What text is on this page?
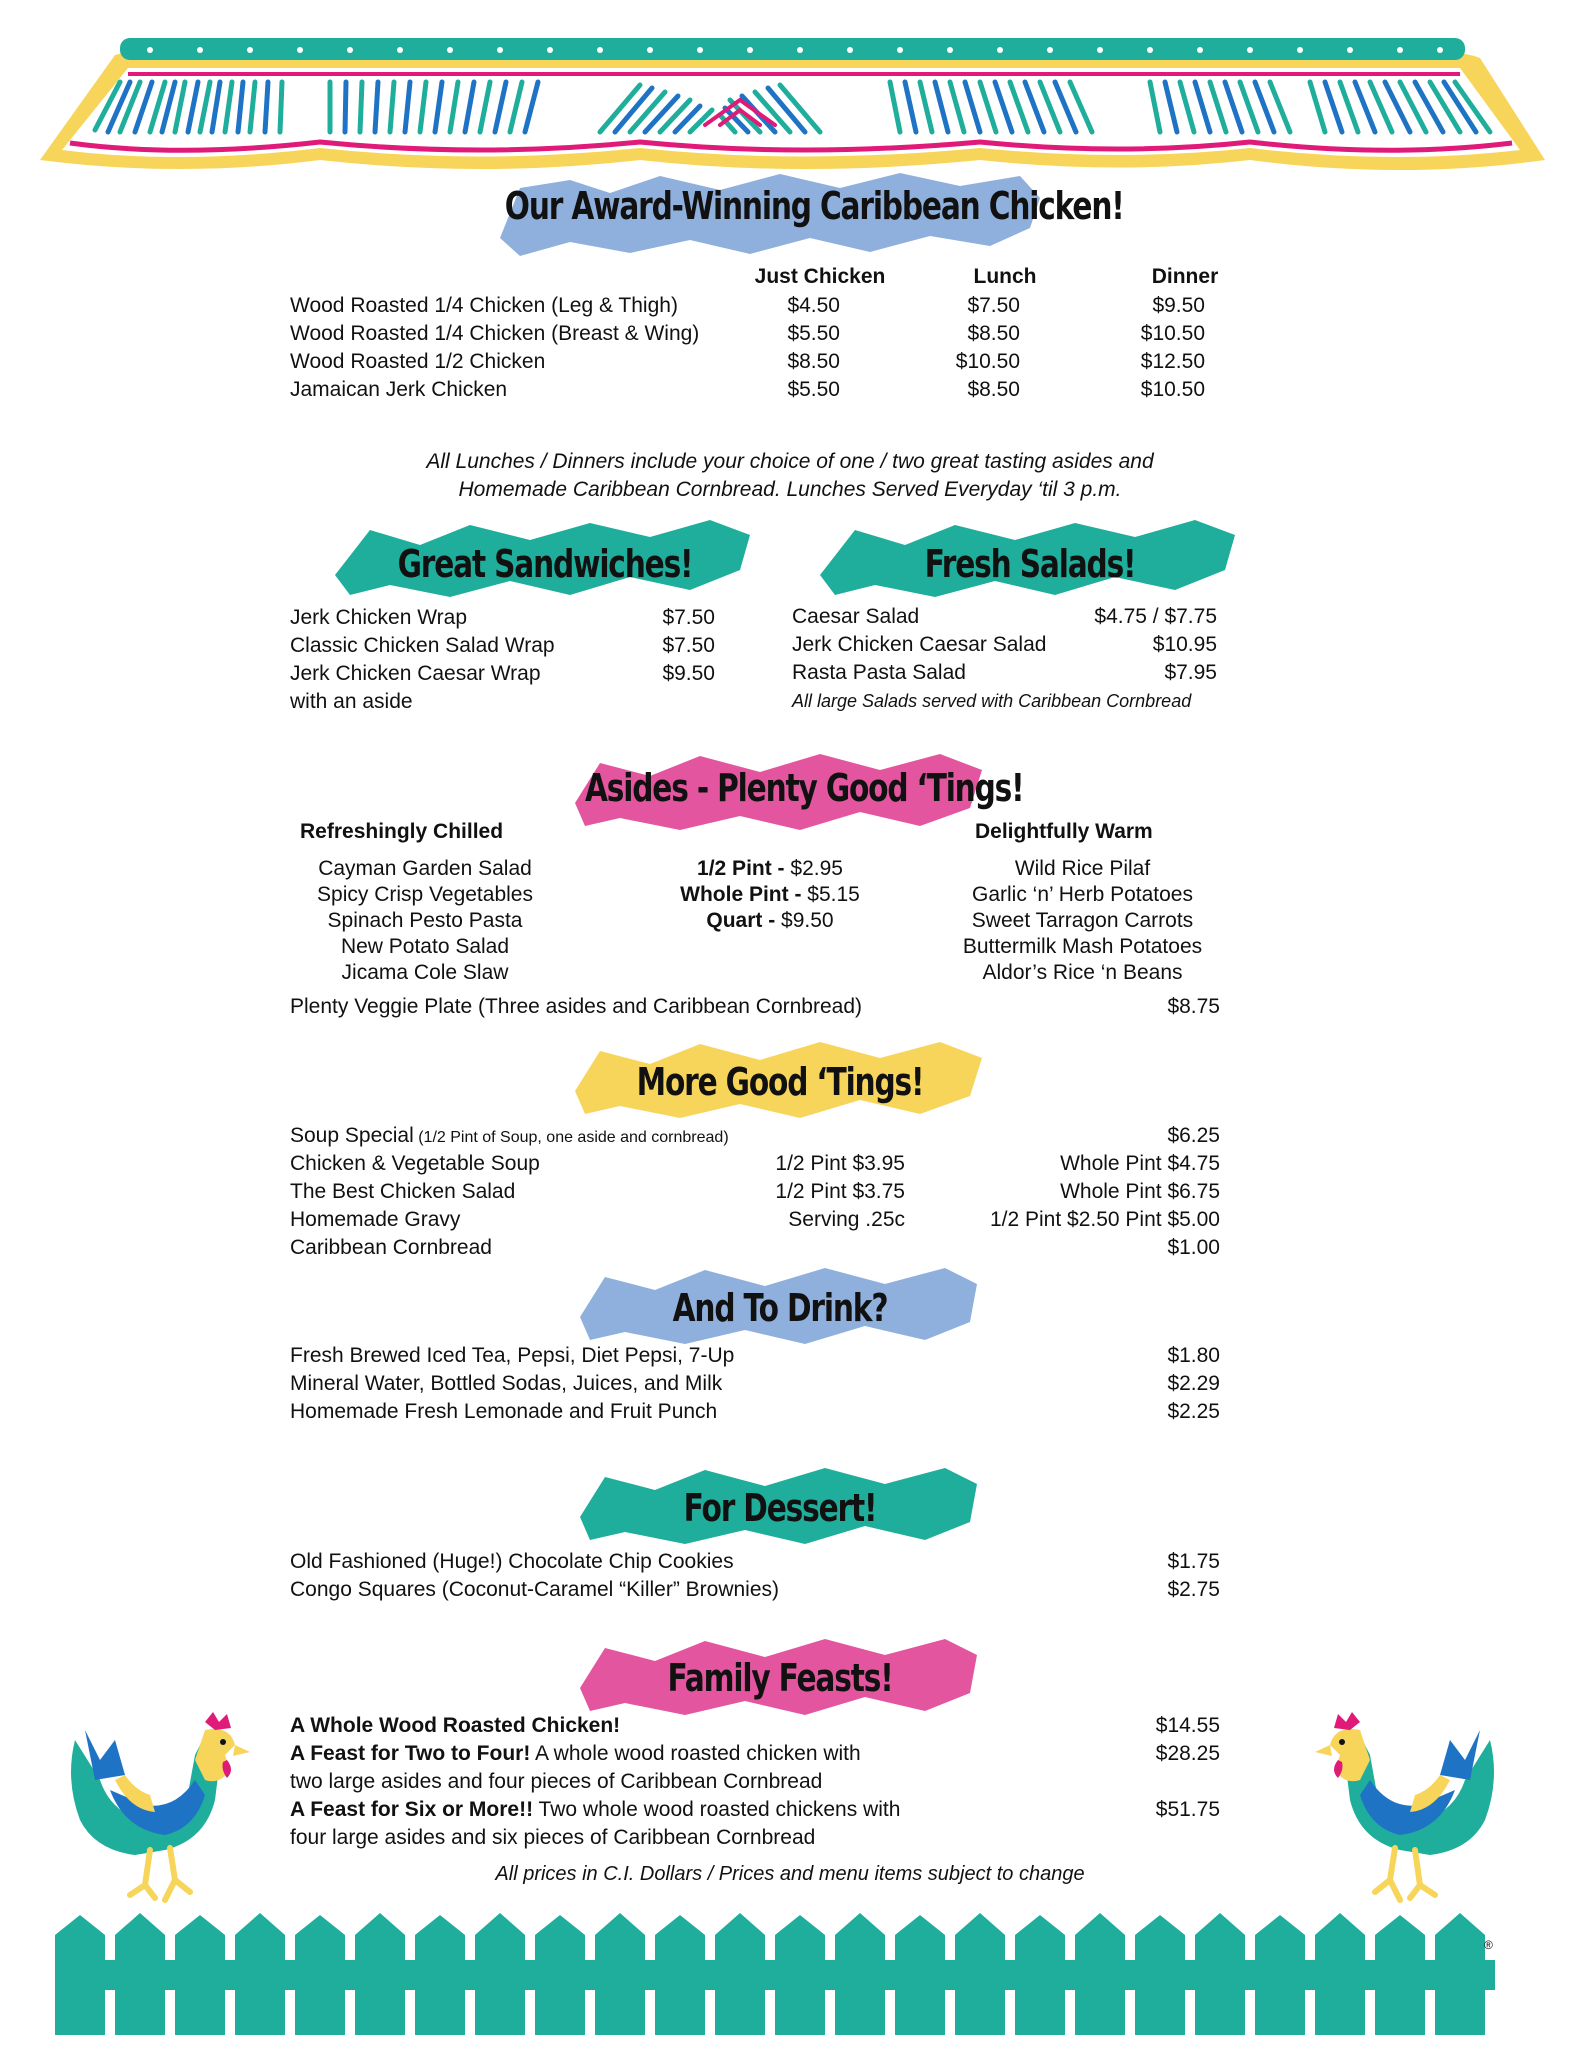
Our Award-Winning Caribbean Chicken!
Great Sandwiches!	Fresh Salads!
Asides - Plenty Good ‘Tings!
More Good ‘Tings!
And To Drink?
For Dessert!
Family Feasts!
Just Chicken	Lunch	Dinner
Wood Roasted 1/4 Chicken (Leg & Thigh)	$4.50	$7.50	$9.50
Wood Roasted 1/4 Chicken (Breast & Wing)	$5.50	$8.50	$10.50
Wood Roasted 1/2 Chicken	$8.50	$10.50	$12.50
Jamaican Jerk Chicken	$5.50	$8.50	$10.50
All Lunches / Dinners include your choice of one / two great tasting asides and
Homemade Caribbean Cornbread. Lunches Served Everyday ‘til 3 p.m.
Jerk Chicken Wrap	$7.50
Classic Chicken Salad Wrap	$7.50
Jerk Chicken Caesar Wrap	$9.50
with an aside
Caesar Salad	$4.75 / $7.75
Jerk Chicken Caesar Salad	$10.95
Rasta Pasta Salad	$7.95
All large Salads served with Caribbean Cornbread
Refreshingly Chilled	Delightfully Warm
Cayman Garden Salad
Spicy Crisp Vegetables
Spinach Pesto Pasta
New Potato Salad
Jicama Cole Slaw
1/2 Pint - $2.95
Whole Pint - $5.15
Quart - $9.50
Wild Rice Pilaf
Garlic ‘n’ Herb Potatoes
Sweet Tarragon Carrots
Buttermilk Mash Potatoes
Aldor’s Rice ‘n Beans
Plenty Veggie Plate (Three asides and Caribbean Cornbread)	$8.75
Soup Special (1/2 Pint of Soup, one aside and cornbread)	$6.25
Chicken & Vegetable Soup	1/2 Pint $3.95	Whole Pint $4.75
The Best Chicken Salad	1/2 Pint $3.75	Whole Pint $6.75
Homemade Gravy	Serving .25c	1/2 Pint $2.50 Pint $5.00
Caribbean Cornbread	$1.00
Fresh Brewed Iced Tea, Pepsi, Diet Pepsi, 7-Up	$1.80
Mineral Water, Bottled Sodas, Juices, and Milk	$2.29
Homemade Fresh Lemonade and Fruit Punch	$2.25
Old Fashioned (Huge!) Chocolate Chip Cookies	$1.75
Congo Squares (Coconut-Caramel “Killer” Brownies)	$2.75
A Whole Wood Roasted Chicken!	$14.55
A Feast for Two to Four! A whole wood roasted chicken with	$28.25
two large asides and four pieces of Caribbean Cornbread
A Feast for Six or More!! Two whole wood roasted chickens with	$51.75
four large asides and six pieces of Caribbean Cornbread
All prices in C.I. Dollars / Prices and menu items subject to change
®
